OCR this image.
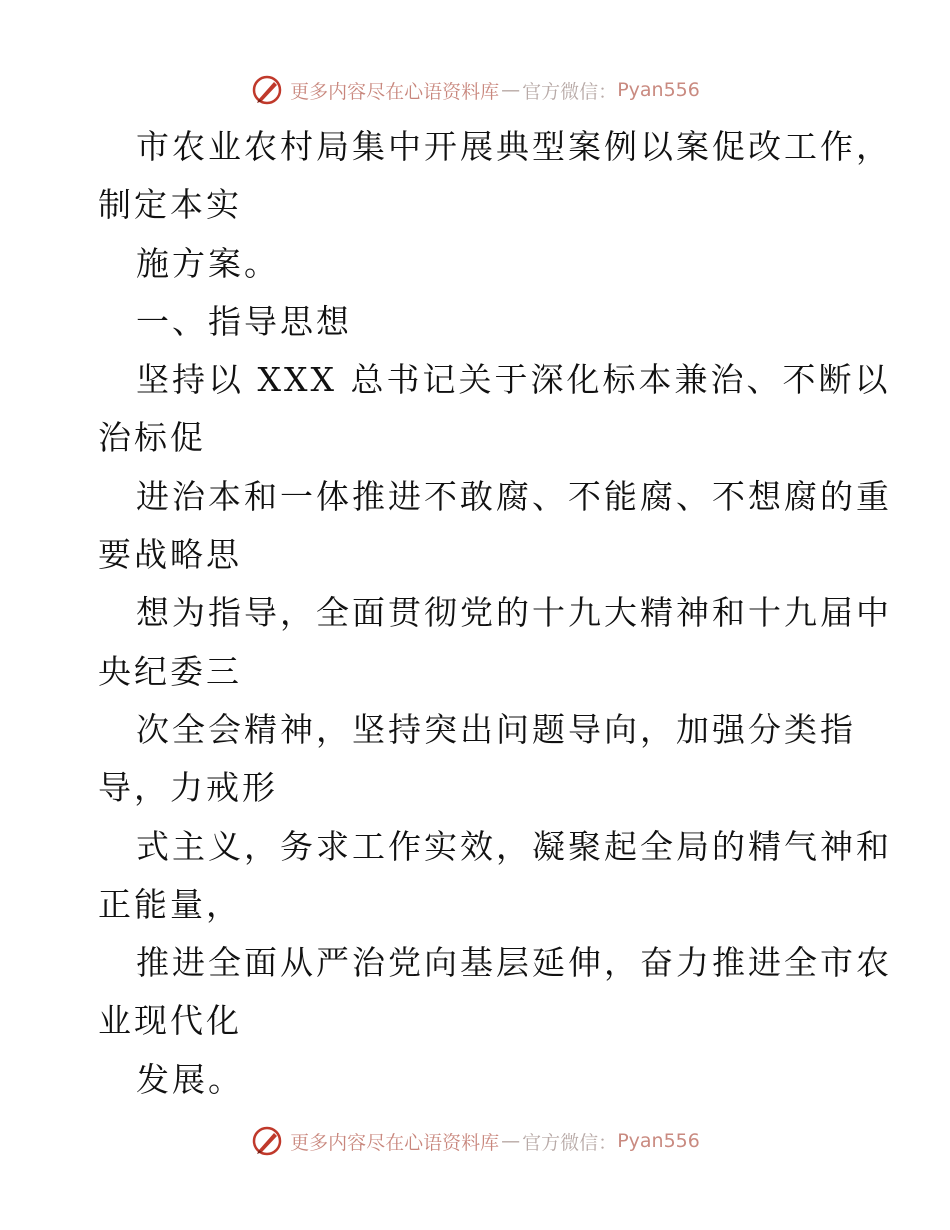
更多内容尽在心语资料库 — 官方微信： Pyan556
市农业农村局集中开展典型案例以案促改工作，
制定本实
施方案。
一、指导思想
坚持以 XXX 总书记关于深化标本兼治、不断以
治标促
进治本和一体推进不敢腐、不能腐、不想腐的重
要战略思
想为指导，全面贯彻党的十九大精神和十九届中
央纪委三
次全会精神，坚持突出问题导向，加强分类指
导，力戒形
式主义，务求工作实效，凝聚起全局的精气神和
正能量，
推进全面从严治党向基层延伸，奋力推进全市农
业现代化
发展。
更多内容尽在心语资料库 — 官方微信： Pyan556
